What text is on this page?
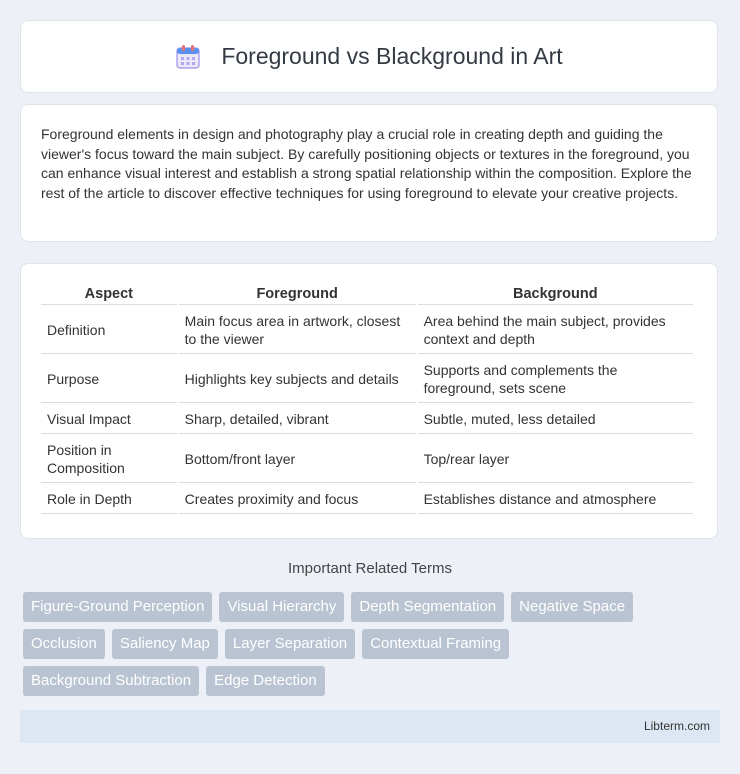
Foreground vs Blackground in Art

Foreground elements in design and photography play a crucial role in creating depth and guiding the viewer's focus toward the main subject. By carefully positioning objects or textures in the foreground, you can enhance visual interest and establish a strong spatial relationship within the composition. Explore the rest of the article to discover effective techniques for using foreground to elevate your creative projects.

Aspect	Foreground	Background
Definition	Main focus area in artwork, closest to the viewer	Area behind the main subject, provides context and depth
Purpose	Highlights key subjects and details	Supports and complements the foreground, sets scene
Visual Impact	Sharp, detailed, vibrant	Subtle, muted, less detailed
Position in Composition	Bottom/front layer	Top/rear layer
Role in Depth	Creates proximity and focus	Establishes distance and atmosphere
Important Related Terms
Figure-Ground Perception	Visual Hierarchy	Depth Segmentation	Negative Space
Occlusion	Saliency Map	Layer Separation	Contextual Framing
Background Subtraction	Edge Detection
Libterm.com
